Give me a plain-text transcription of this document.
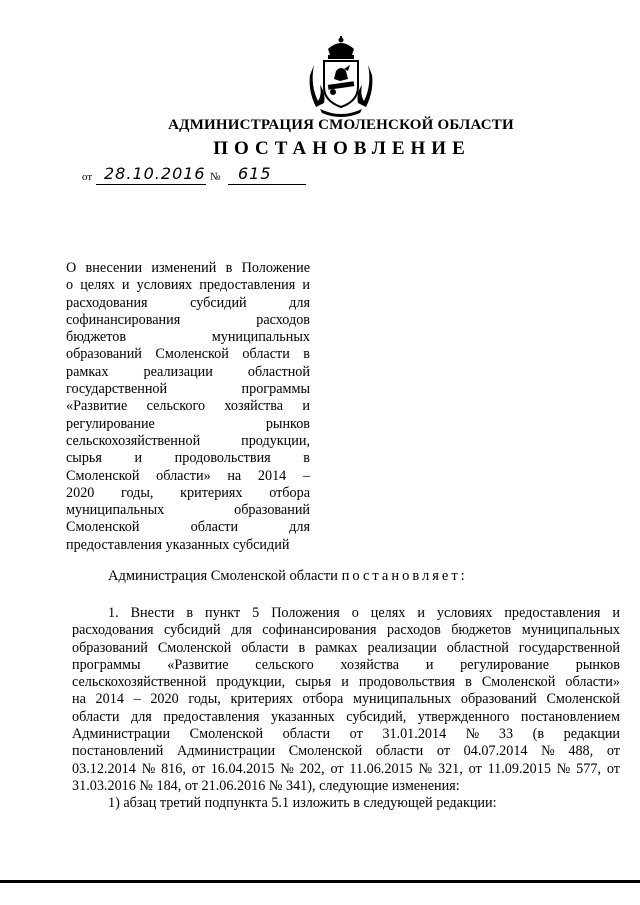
АДМИНИСТРАЦИЯ СМОЛЕНСКОЙ ОБЛАСТИ
ПОСТАНОВЛЕНИЕ
от 28.10.2016 № 615
О внесении изменений в Положение
о целях и условиях предоставления и
расходования	субсидий	для
софинансирования	расходов
бюджетов	муниципальных
образований Смоленской области в
рамках реализации областной
государственной	программы
«Развитие сельского хозяйства и
регулирование	рынков
сельскохозяйственной продукции,
сырья и продовольствия в
Смоленской области» на 2014 –
2020 годы, критериях отбора
муниципальных	образований
Смоленской	области	для
предоставления указанных субсидий
Администрация Смоленской области постановляет:
1. Внести в пункт 5 Положения о целях и условиях предоставления и
расходования субсидий для софинансирования расходов бюджетов муниципальных
образований Смоленской области в рамках реализации областной государственной
программы «Развитие сельского хозяйства и регулирование рынков
сельскохозяйственной продукции, сырья и продовольствия в Смоленской области»
на 2014 – 2020 годы, критериях отбора муниципальных образований Смоленской
области для предоставления указанных субсидий, утвержденного постановлением
Администрации Смоленской области от 31.01.2014 № 33 (в редакции
постановлений Администрации Смоленской области от 04.07.2014 № 488, от
03.12.2014 № 816, от 16.04.2015 № 202, от 11.06.2015 № 321, от 11.09.2015 № 577, от
31.03.2016 № 184, от 21.06.2016 № 341), следующие изменения:
1) абзац третий подпункта 5.1 изложить в следующей редакции:
